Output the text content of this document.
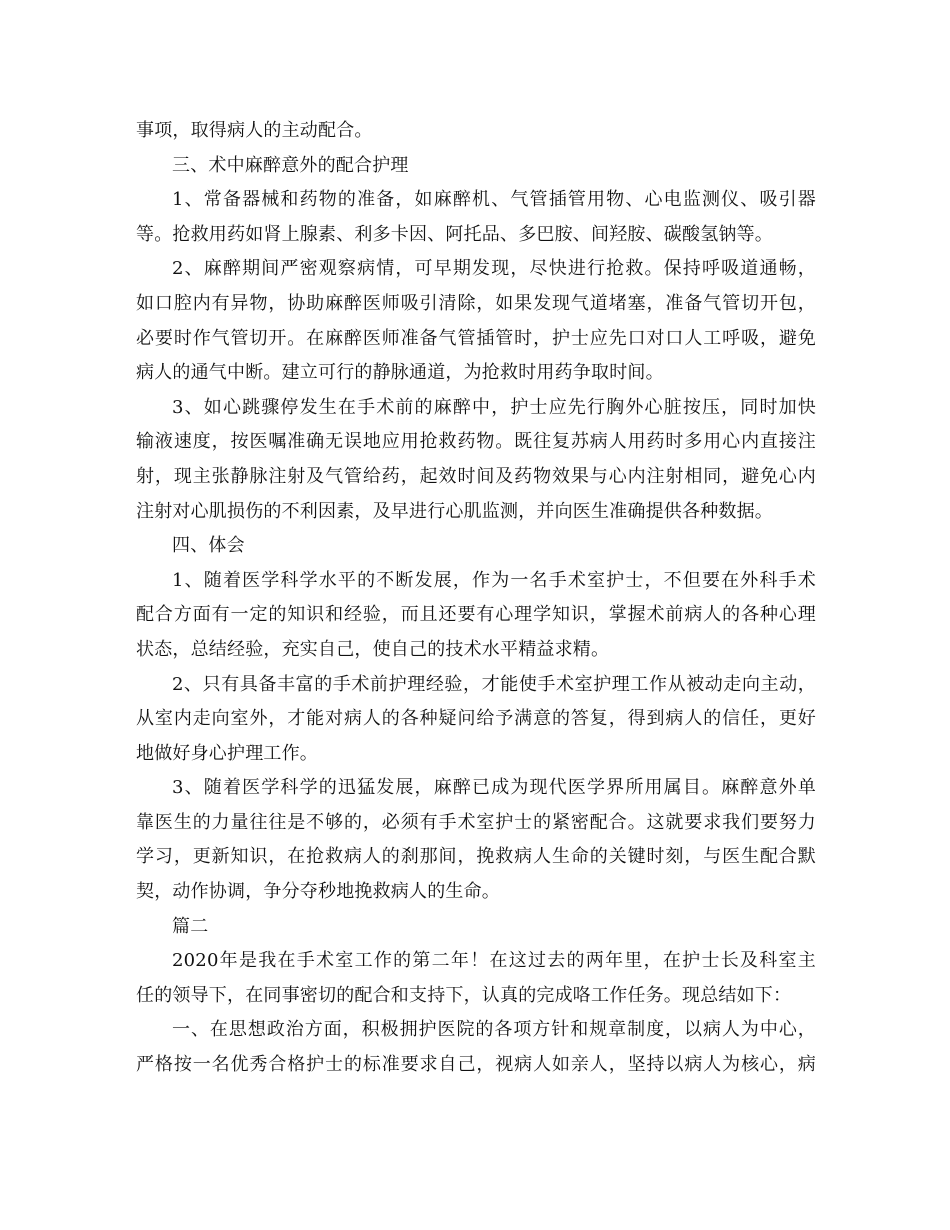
事项，取得病人的主动配合。
三、术中麻醉意外的配合护理
1、常备器械和药物的准备，如麻醉机、气管插管用物、心电监测仪、吸引器
等。抢救用药如肾上腺素、利多卡因、阿托品、多巴胺、间羟胺、碳酸氢钠等。
2、麻醉期间严密观察病情，可早期发现，尽快进行抢救。保持呼吸道通畅，
如口腔内有异物，协助麻醉医师吸引清除，如果发现气道堵塞，准备气管切开包，
必要时作气管切开。在麻醉医师准备气管插管时，护士应先口对口人工呼吸，避免
病人的通气中断。建立可行的静脉通道，为抢救时用药争取时间。
3、如心跳骤停发生在手术前的麻醉中，护士应先行胸外心脏按压，同时加快
输液速度，按医嘱准确无误地应用抢救药物。既往复苏病人用药时多用心内直接注
射，现主张静脉注射及气管给药，起效时间及药物效果与心内注射相同，避免心内
注射对心肌损伤的不利因素，及早进行心肌监测，并向医生准确提供各种数据。
四、体会
1、随着医学科学水平的不断发展，作为一名手术室护士，不但要在外科手术
配合方面有一定的知识和经验，而且还要有心理学知识，掌握术前病人的各种心理
状态，总结经验，充实自己，使自己的技术水平精益求精。
2、只有具备丰富的手术前护理经验，才能使手术室护理工作从被动走向主动，
从室内走向室外，才能对病人的各种疑问给予满意的答复，得到病人的信任，更好
地做好身心护理工作。
3、随着医学科学的迅猛发展，麻醉已成为现代医学界所用属目。麻醉意外单
靠医生的力量往往是不够的，必须有手术室护士的紧密配合。这就要求我们要努力
学习，更新知识，在抢救病人的刹那间，挽救病人生命的关键时刻，与医生配合默
契，动作协调，争分夺秒地挽救病人的生命。
篇二
2020年是我在手术室工作的第二年！在这过去的两年里，在护士长及科室主
任的领导下，在同事密切的配合和支持下，认真的完成咯工作任务。现总结如下：
一、在思想政治方面，积极拥护医院的各项方针和规章制度，以病人为中心，
严格按一名优秀合格护士的标准要求自己，视病人如亲人，坚持以病人为核心，病
